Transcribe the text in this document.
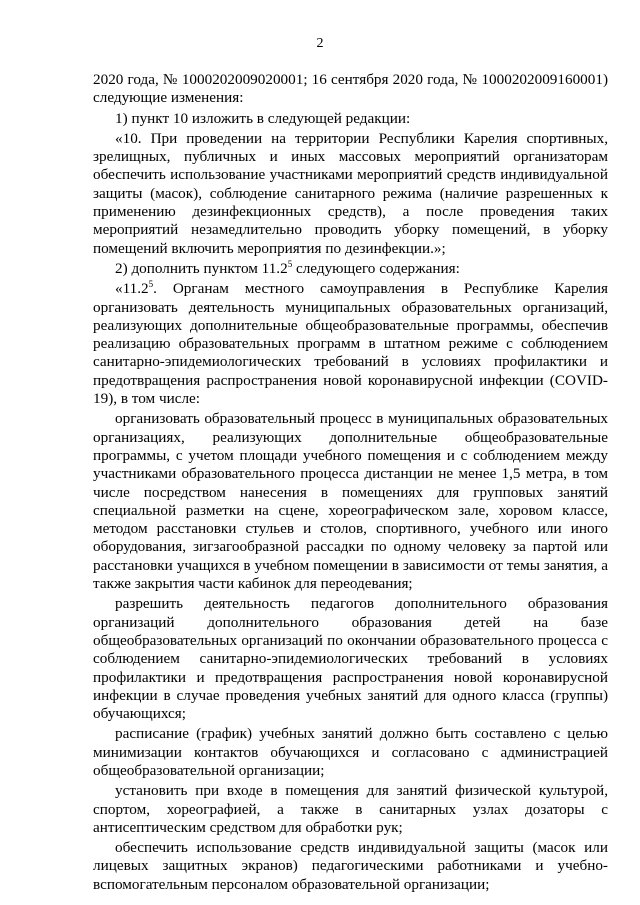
2

2020 года, № 1000202009020001; 16 сентября 2020 года, № 1000202009160001) следующие изменения:

1) пункт 10 изложить в следующей редакции:

«10. При проведении на территории Республики Карелия спортивных, зрелищных, публичных и иных массовых мероприятий организаторам обеспечить использование участниками мероприятий средств индивидуальной защиты (масок), соблюдение санитарного режима (наличие разрешенных к применению дезинфекционных средств), а после проведения таких мероприятий незамедлительно проводить уборку помещений, в уборку помещений включить мероприятия по дезинфекции.»;

2) дополнить пунктом 11.2$^5$ следующего содержания:

«11.2$^5$. Органам местного самоуправления в Республике Карелия организовать деятельность муниципальных образовательных организаций, реализующих дополнительные общеобразовательные программы, обеспечив реализацию образовательных программ в штатном режиме с соблюдением санитарно-эпидемиологических требований в условиях профилактики и предотвращения распространения новой коронавирусной инфекции (COVID-19), в том числе:

организовать образовательный процесс в муниципальных образовательных организациях, реализующих дополнительные общеобразовательные программы, с учетом площади учебного помещения и с соблюдением между участниками образовательного процесса дистанции не менее 1,5 метра, в том числе посредством нанесения в помещениях для групповых занятий специальной разметки на сцене, хореографическом зале, хоровом классе, методом расстановки стульев и столов, спортивного, учебного или иного оборудования, зигзагообразной рассадки по одному человеку за партой или расстановки учащихся в учебном помещении в зависимости от темы занятия, а также закрытия части кабинок для переодевания;

разрешить деятельность педагогов дополнительного образования организаций дополнительного образования детей на базе общеобразовательных организаций по окончании образовательного процесса с соблюдением санитарно-эпидемиологических требований в условиях профилактики и предотвращения распространения новой коронавирусной инфекции в случае проведения учебных занятий для одного класса (группы) обучающихся;

расписание (график) учебных занятий должно быть составлено с целью минимизации контактов обучающихся и согласовано с администрацией общеобразовательной организации;

установить при входе в помещения для занятий физической культурой, спортом, хореографией, а также в санитарных узлах дозаторы с антисептическим средством для обработки рук;

обеспечить использование средств индивидуальной защиты (масок или лицевых защитных экранов) педагогическими работниками и учебно-вспомогательным персоналом образовательной организации;
